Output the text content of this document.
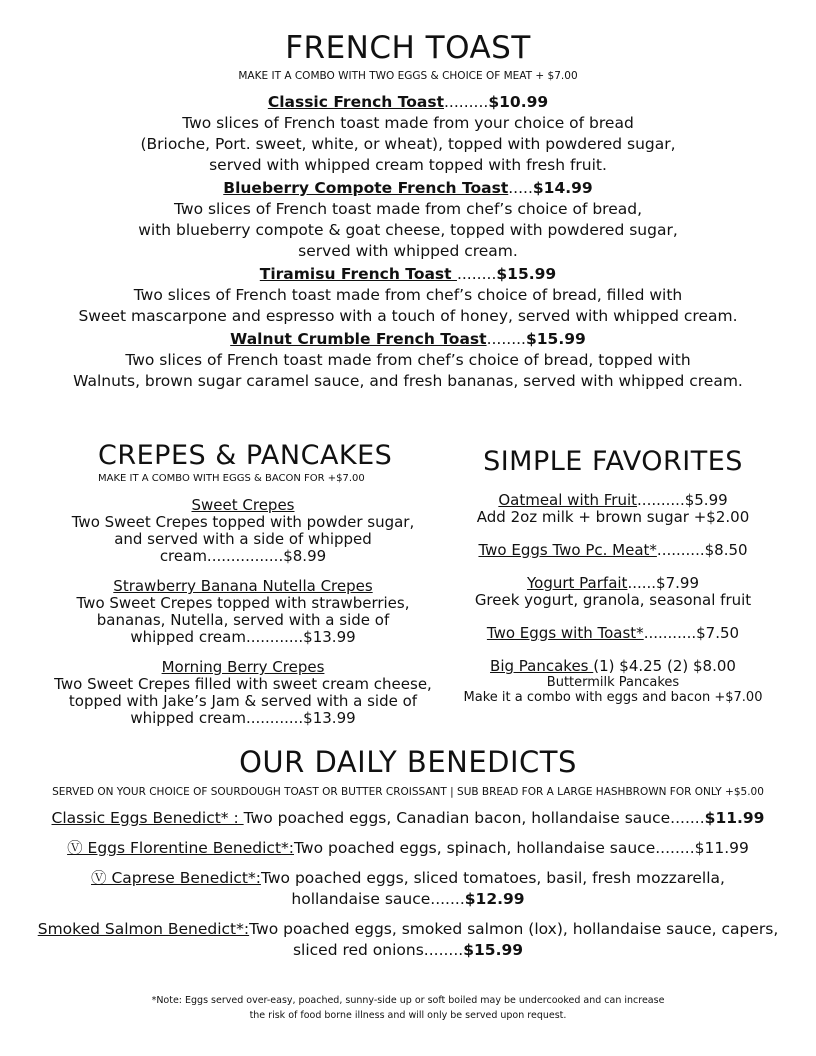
FRENCH TOAST
MAKE IT A COMBO WITH TWO EGGS & CHOICE OF MEAT + $7.00
Classic French Toast.........$10.99
Two slices of French toast made from your choice of bread
(Brioche, Port. sweet, white, or wheat), topped with powdered sugar,
served with whipped cream topped with fresh fruit.
Blueberry Compote French Toast.....$14.99
Two slices of French toast made from chef’s choice of bread,
with blueberry compote & goat cheese, topped with powdered sugar,
served with whipped cream.
Tiramisu French Toast ........$15.99
Two slices of French toast made from chef’s choice of bread, filled with
Sweet mascarpone and espresso with a touch of honey, served with whipped cream.
Walnut Crumble French Toast........$15.99
Two slices of French toast made from chef’s choice of bread, topped with
Walnuts, brown sugar caramel sauce, and fresh bananas, served with whipped cream.
CREPES & PANCAKES
MAKE IT A COMBO WITH EGGS & BACON FOR +$7.00
Sweet Crepes
Two Sweet Crepes topped with powder sugar,
and served with a side of whipped
cream................$8.99
Strawberry Banana Nutella Crepes
Two Sweet Crepes topped with strawberries,
bananas, Nutella, served with a side of
whipped cream............$13.99
Morning Berry Crepes
Two Sweet Crepes filled with sweet cream cheese,
topped with Jake’s Jam & served with a side of
whipped cream............$13.99
SIMPLE FAVORITES
Oatmeal with Fruit..........$5.99
Add 2oz milk + brown sugar +$2.00
Two Eggs Two Pc. Meat*..........$8.50
Yogurt Parfait......$7.99
Greek yogurt, granola, seasonal fruit
Two Eggs with Toast*...........$7.50
Big Pancakes (1) $4.25 (2) $8.00
Buttermilk Pancakes
Make it a combo with eggs and bacon +$7.00
OUR DAILY BENEDICTS
SERVED ON YOUR CHOICE OF SOURDOUGH TOAST OR BUTTER CROISSANT | SUB BREAD FOR A LARGE HASHBROWN FOR ONLY +$5.00
Classic Eggs Benedict* : Two poached eggs, Canadian bacon, hollandaise sauce.......$11.99
Ⓥ Eggs Florentine Benedict*:Two poached eggs, spinach, hollandaise sauce........$11.99
Ⓥ Caprese Benedict*:Two poached eggs, sliced tomatoes, basil, fresh mozzarella,
hollandaise sauce.......$12.99
Smoked Salmon Benedict*:Two poached eggs, smoked salmon (lox), hollandaise sauce, capers,
sliced red onions........$15.99
*Note: Eggs served over-easy, poached, sunny-side up or soft boiled may be undercooked and can increase
the risk of food borne illness and will only be served upon request.
